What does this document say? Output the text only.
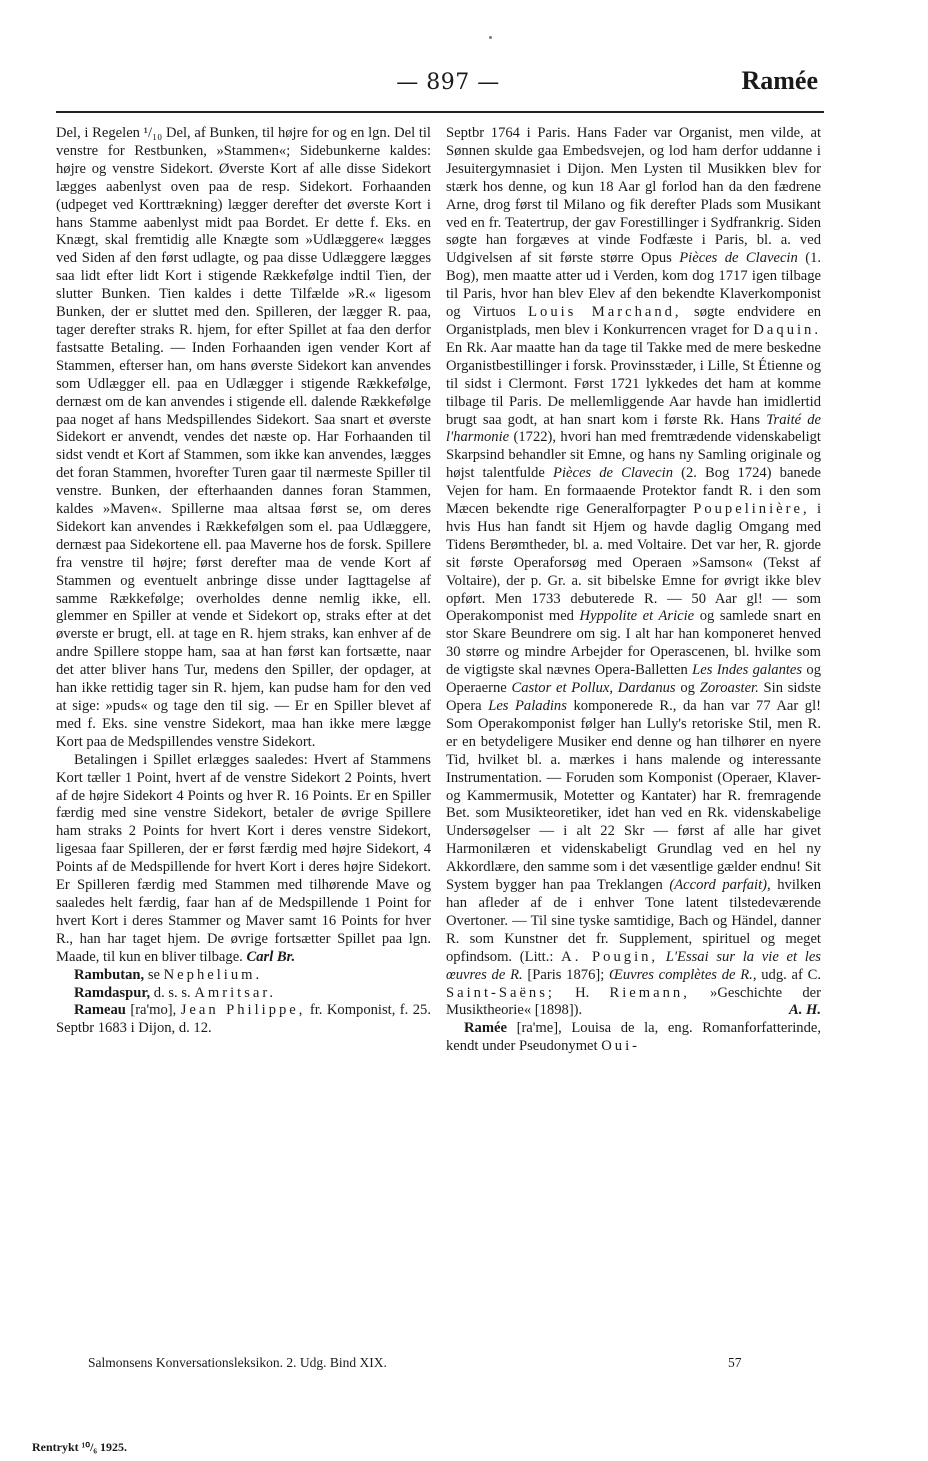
— 897 —	Ramée

Del, i Regelen ¹/₁₀ Del, af Bunken, til højre for og en lgn. Del til venstre for Restbunken, »Stammen«; Sidebunkerne kaldes: højre og venstre Sidekort. Øverste Kort af alle disse Sidekort lægges aabenlyst oven paa de resp. Sidekort. Forhaanden (udpeget ved Korttrækning) lægger derefter det øverste Kort i hans Stamme aabenlyst midt paa Bordet. Er dette f. Eks. en Knægt, skal fremtidig alle Knægte som »Udlæggere« lægges ved Siden af den først udlagte, og paa disse Udlæggere lægges saa lidt efter lidt Kort i stigende Rækkefølge indtil Tien, der slutter Bunken. Tien kaldes i dette Tilfælde »R.« ligesom Bunken, der er sluttet med den. Spilleren, der lægger R. paa, tager derefter straks R. hjem, for efter Spillet at faa den derfor fastsatte Betaling. — Inden Forhaanden igen vender Kort af Stammen, efterser han, om hans øverste Sidekort kan anvendes som Udlægger ell. paa en Udlægger i stigende Rækkefølge, dernæst om de kan anvendes i stigende ell. dalende Rækkefølge paa noget af hans Medspillendes Sidekort. Saa snart et øverste Sidekort er anvendt, vendes det næste op. Har Forhaanden til sidst vendt et Kort af Stammen, som ikke kan anvendes, lægges det foran Stammen, hvorefter Turen gaar til nærmeste Spiller til venstre. Bunken, der efterhaanden dannes foran Stammen, kaldes »Maven«. Spillerne maa altsaa først se, om deres Sidekort kan anvendes i Rækkefølgen som el. paa Udlæggere, dernæst paa Sidekortene ell. paa Maverne hos de forsk. Spillere fra venstre til højre; først derefter maa de vende Kort af Stammen og eventuelt anbringe disse under Iagttagelse af samme Rækkefølge; overholdes denne nemlig ikke, ell. glemmer en Spiller at vende et Sidekort op, straks efter at det øverste er brugt, ell. at tage en R. hjem straks, kan enhver af de andre Spillere stoppe ham, saa at han først kan fortsætte, naar det atter bliver hans Tur, medens den Spiller, der opdager, at han ikke rettidig tager sin R. hjem, kan pudse ham for den ved at sige: »puds« og tage den til sig. — Er en Spiller blevet af med f. Eks. sine venstre Sidekort, maa han ikke mere lægge Kort paa de Medspillendes venstre Sidekort.

Betalingen i Spillet erlægges saaledes: Hvert af Stammens Kort tæller 1 Point, hvert af de venstre Sidekort 2 Points, hvert af de højre Sidekort 4 Points og hver R. 16 Points. Er en Spiller færdig med sine venstre Sidekort, betaler de øvrige Spillere ham straks 2 Points for hvert Kort i deres venstre Sidekort, ligesaa faar Spilleren, der er først færdig med højre Sidekort, 4 Points af de Medspillende for hvert Kort i deres højre Sidekort. Er Spilleren færdig med Stammen med tilhørende Mave og saaledes helt færdig, faar han af de Medspillende 1 Point for hvert Kort i deres Stammer og Maver samt 16 Points for hver R., han har taget hjem. De øvrige fortsætter Spillet paa lgn. Maade, til kun en bliver tilbage. Carl Br.

Rambutan, se Nephelium.

Ramdaspur, d. s. s. Amritsar.

Rameau [ra'mo], Jean Philippe, fr. Komponist, f. 25. Septbr 1683 i Dijon, d. 12.

Septbr 1764 i Paris. Hans Fader var Organist, men vilde, at Sønnen skulde gaa Embedsvejen, og lod ham derfor uddanne i Jesuitergymnasiet i Dijon. Men Lysten til Musikken blev for stærk hos denne, og kun 18 Aar gl forlod han da den fædrene Arne, drog først til Milano og fik derefter Plads som Musikant ved en fr. Teatertrup, der gav Forestillinger i Sydfrankrig. Siden søgte han forgæves at vinde Fodfæste i Paris, bl. a. ved Udgivelsen af sit første større Opus Pièces de Clavecin (1. Bog), men maatte atter ud i Verden, kom dog 1717 igen tilbage til Paris, hvor han blev Elev af den bekendte Klaverkomponist og Virtuos Louis Marchand, søgte endvidere en Organistplads, men blev i Konkurrencen vraget for Daquin. En Rk. Aar maatte han da tage til Takke med de mere beskedne Organistbestillinger i forsk. Provinsstæder, i Lille, St Étienne og til sidst i Clermont. Først 1721 lykkedes det ham at komme tilbage til Paris. De mellemliggende Aar havde han imidlertid brugt saa godt, at han snart kom i første Rk. Hans Traité de l'harmonie (1722), hvori han med fremtrædende videnskabeligt Skarpsind behandler sit Emne, og hans ny Samling originale og højst talentfulde Pièces de Clavecin (2. Bog 1724) banede Vejen for ham. En formaaende Protektor fandt R. i den som Mæcen bekendte rige Generalforpagter Poupelinière, i hvis Hus han fandt sit Hjem og havde daglig Omgang med Tidens Berømtheder, bl. a. med Voltaire. Det var her, R. gjorde sit første Operaforsøg med Operaen »Samson« (Tekst af Voltaire), der p. Gr. a. sit bibelske Emne for øvrigt ikke blev opført. Men 1733 debuterede R. — 50 Aar gl! — som Operakomponist med Hyppolite et Aricie og samlede snart en stor Skare Beundrere om sig. I alt har han komponeret henved 30 større og mindre Arbejder for Operascenen, bl. hvilke som de vigtigste skal nævnes Opera-Balletten Les Indes galantes og Operaerne Castor et Pollux, Dardanus og Zoroaster. Sin sidste Opera Les Paladins komponerede R., da han var 77 Aar gl! Som Operakomponist følger han Lully's retoriske Stil, men R. er en betydeligere Musiker end denne og han tilhører en nyere Tid, hvilket bl. a. mærkes i hans malende og interessante Instrumentation. — Foruden som Komponist (Operaer, Klaver- og Kammermusik, Motetter og Kantater) har R. fremragende Bet. som Musikteoretiker, idet han ved en Rk. videnskabelige Undersøgelser — i alt 22 Skr — først af alle har givet Harmonilæren et videnskabeligt Grundlag ved en hel ny Akkordlære, den samme som i det væsentlige gælder endnu! Sit System bygger han paa Treklangen (Accord parfait), hvilken han afleder af de i enhver Tone latent tilstedeværende Overtoner. — Til sine tyske samtidige, Bach og Händel, danner R. som Kunstner det fr. Supplement, spirituel og meget opfindsom. (Litt.: A. Pougin, L'Essai sur la vie et les œuvres de R. [Paris 1876]; Œuvres complètes de R., udg. af C. Saint-Saëns; H. Riemann, »Geschichte der Musiktheorie« [1898]).	A. H.

Ramée [ra'me], Louisa de la, eng. Romanforfatterinde, kendt under Pseudonymet Oui-

Salmonsens Konversationsleksikon. 2. Udg. Bind XIX.	57
Rentrykt ¹⁰/₆ 1925.
